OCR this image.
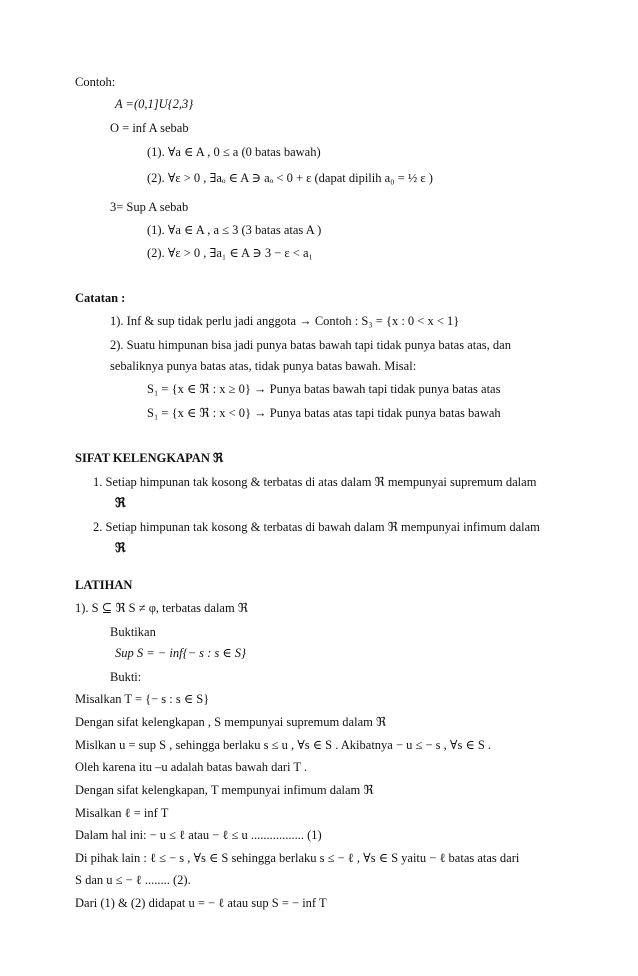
Contoh:
A =(0,1]U{2,3}
O = inf A sebab
(1). ∀a ∈ A , 0 ≤ a (0 batas bawah)
(2). ∀ε > 0 , ∃aₒ ∈ A ∋ aₒ < 0 + ε (dapat dipilih a₀ = ½ ε )
3= Sup A sebab
(1). ∀a ∈ A , a ≤ 3 (3 batas atas A )
(2). ∀ε > 0 , ∃a₁ ∈ A ∋ 3 − ε < a₁
Catatan :
1). Inf & sup tidak perlu jadi anggota → Contoh : S₃ = {x : 0 < x < 1}
2). Suatu himpunan bisa jadi punya batas bawah tapi tidak punya batas atas, dan
sebaliknya punya batas atas, tidak punya batas bawah. Misal:
S₁ = {x ∈ ℜ : x ≥ 0} → Punya batas bawah tapi tidak punya batas atas
S₁ = {x ∈ ℜ : x < 0} → Punya batas atas tapi tidak punya batas bawah
SIFAT KELENGKAPAN ℜ
1. Setiap himpunan tak kosong & terbatas di atas dalam ℜ mempunyai supremum dalam
ℜ
2. Setiap himpunan tak kosong & terbatas di bawah dalam ℜ mempunyai infimum dalam
ℜ
LATIHAN
1). S ⊆ ℜ S ≠ φ, terbatas dalam ℜ
Buktikan
Sup S = − inf{− s : s ∈ S}
Bukti:
Misalkan T = {− s : s ∈ S}
Dengan sifat kelengkapan , S mempunyai supremum dalam ℜ
Mislkan u = sup S , sehingga berlaku s ≤ u , ∀s ∈ S . Akibatnya − u ≤ − s , ∀s ∈ S .
Oleh karena itu –u adalah batas bawah dari T .
Dengan sifat kelengkapan, T mempunyai infimum dalam ℜ
Misalkan ℓ = inf T
Dalam hal ini: − u ≤ ℓ atau − ℓ ≤ u ................. (1)
Di pihak lain : ℓ ≤ − s , ∀s ∈ S sehingga berlaku s ≤ − ℓ , ∀s ∈ S yaitu − ℓ batas atas dari
S dan u ≤ − ℓ ........ (2).
Dari (1) & (2) didapat u = − ℓ atau sup S = − inf T
